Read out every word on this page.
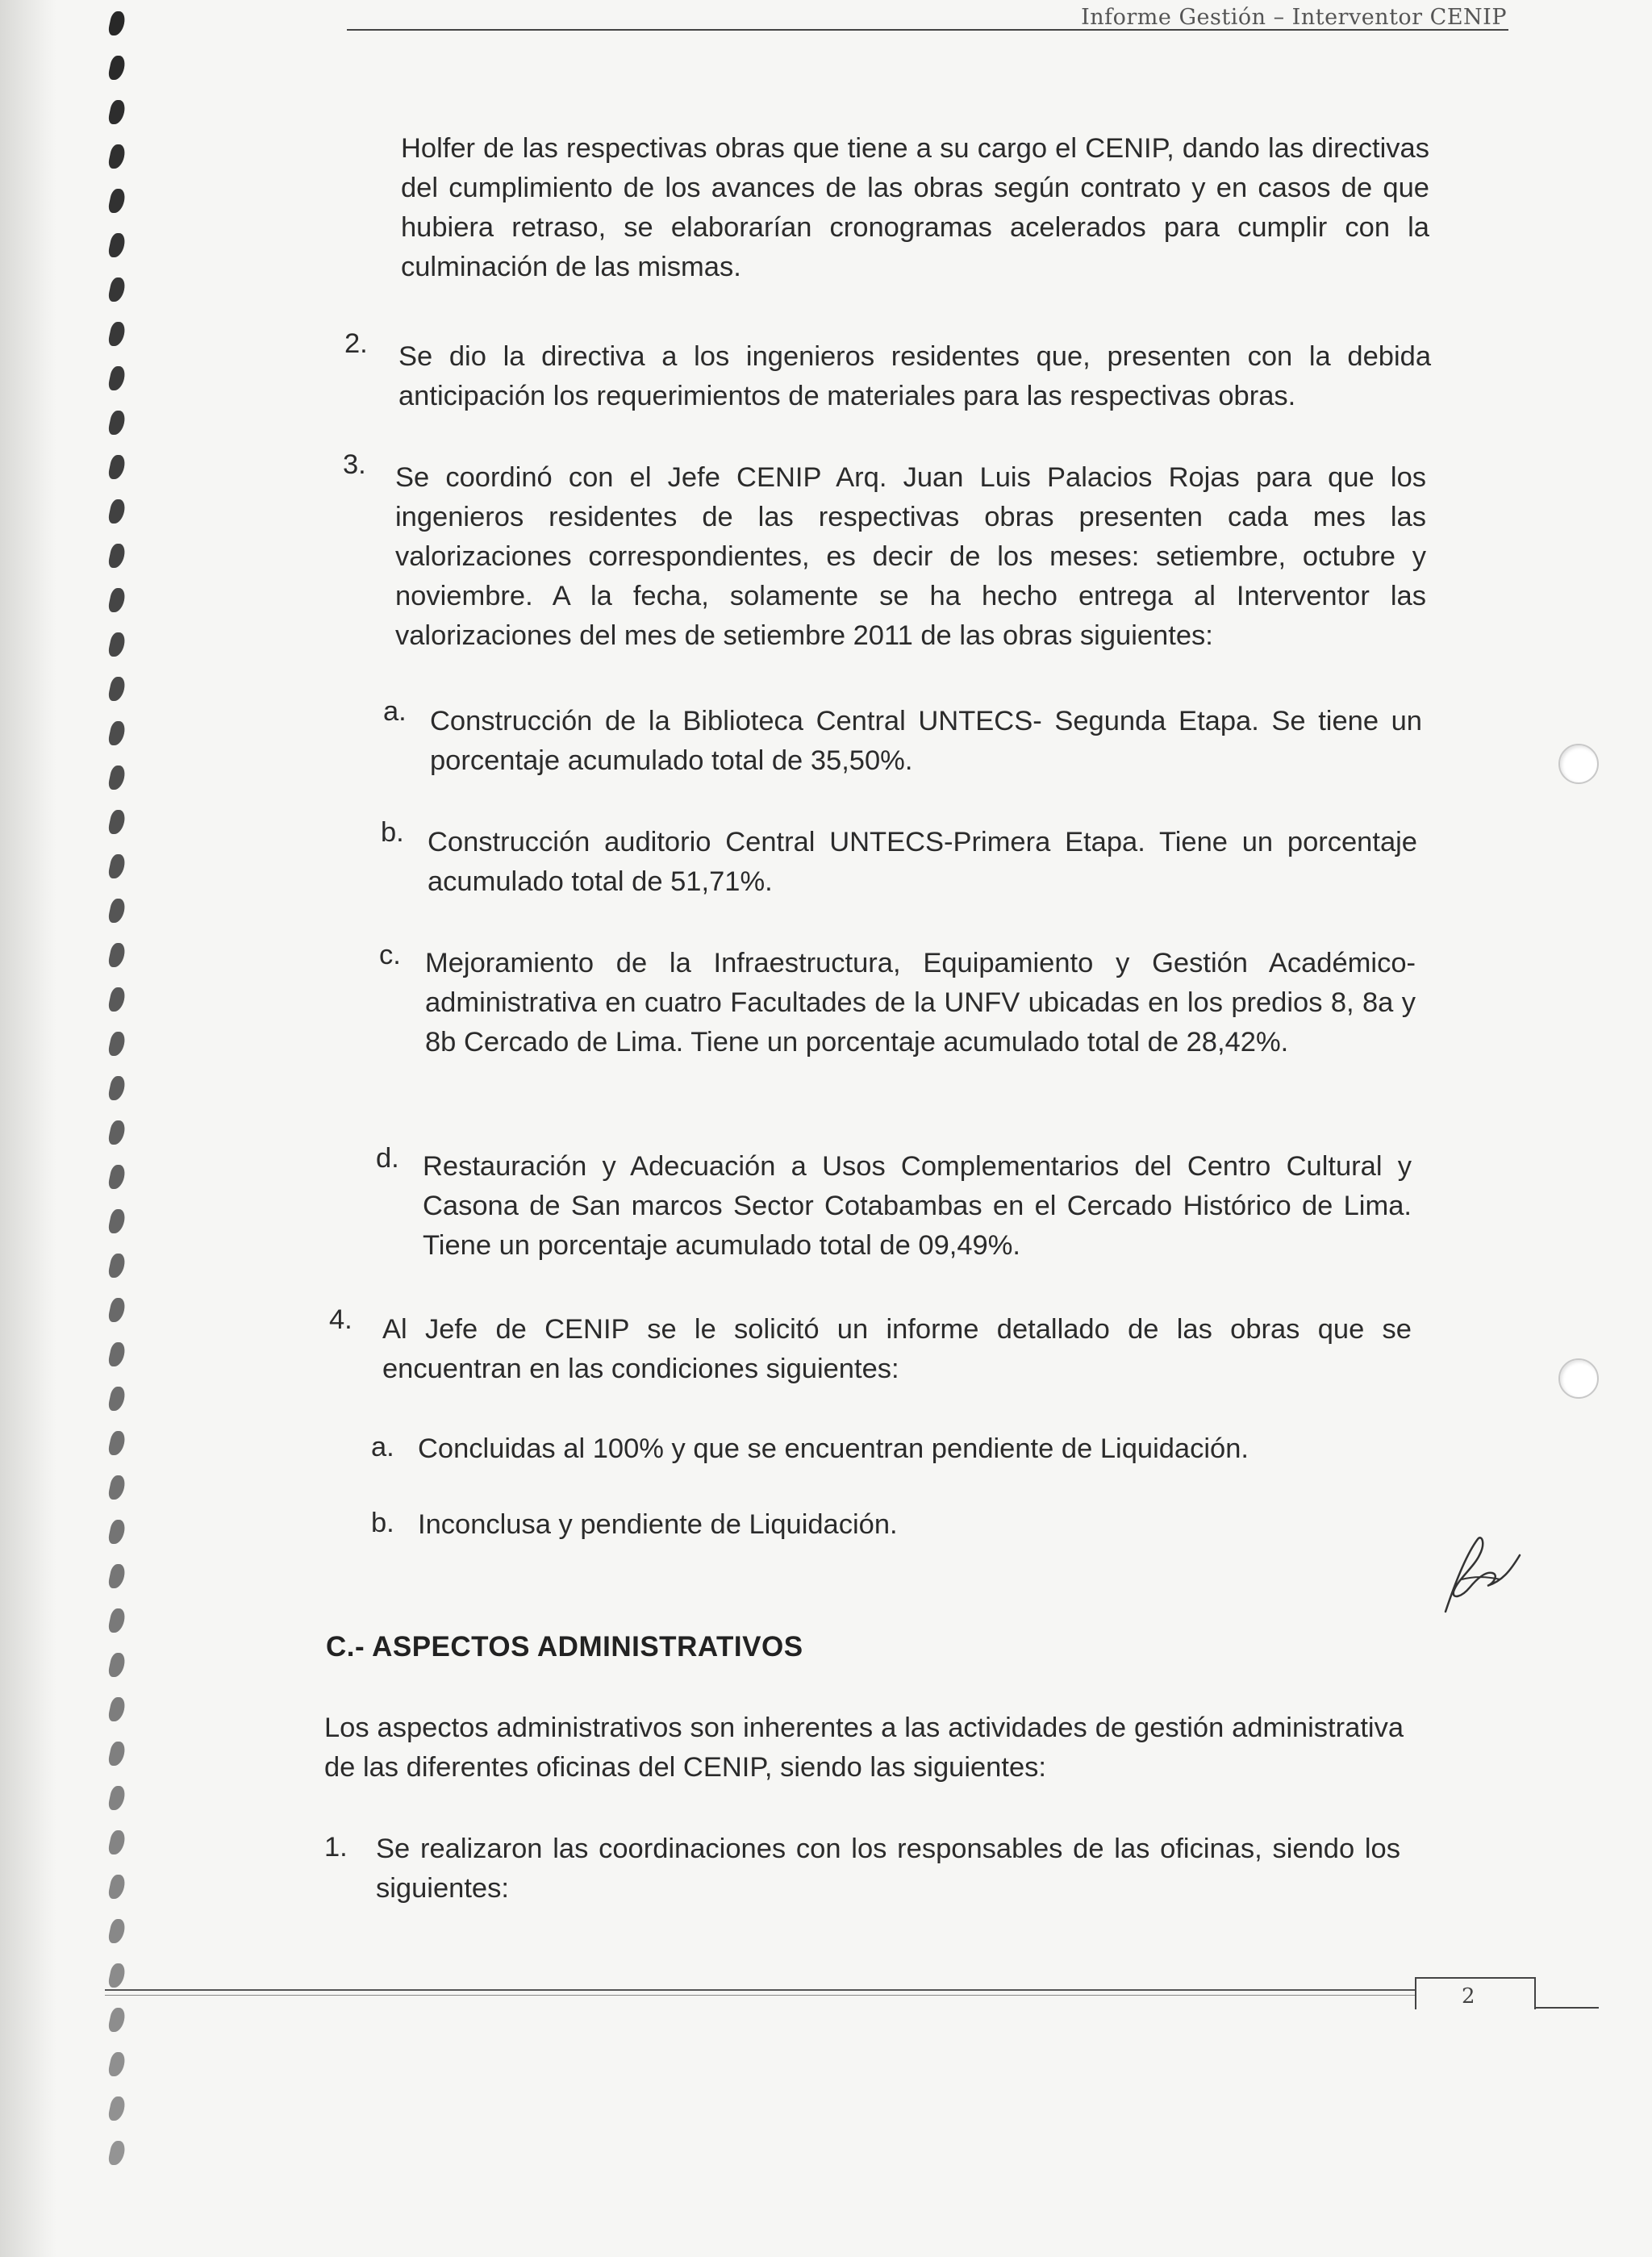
Informe Gestión – Interventor CENIP
Holfer de las respectivas obras que tiene a su cargo el CENIP, dando las directivas del cumplimiento de los avances de las obras según contrato y en casos de que hubiera retraso, se elaborarían cronogramas acelerados para cumplir con la culminación de las mismas.
2. Se dio la directiva a los ingenieros residentes que, presenten con la debida anticipación los requerimientos de materiales para las respectivas obras.
3. Se coordinó con el Jefe CENIP Arq. Juan Luis Palacios Rojas para que los ingenieros residentes de las respectivas obras presenten cada mes las valorizaciones correspondientes, es decir de los meses: setiembre, octubre y noviembre. A la fecha, solamente se ha hecho entrega al Interventor las valorizaciones del mes de setiembre 2011 de las obras siguientes:
a. Construcción de la Biblioteca Central UNTECS- Segunda Etapa. Se tiene un porcentaje acumulado total de 35,50%.
b. Construcción auditorio Central UNTECS-Primera Etapa. Tiene un porcentaje acumulado total de 51,71%.
c. Mejoramiento de la Infraestructura, Equipamiento y Gestión Académico-administrativa en cuatro Facultades de la UNFV ubicadas en los predios 8, 8a y 8b Cercado de Lima. Tiene un porcentaje acumulado total de 28,42%.
d. Restauración y Adecuación a Usos Complementarios del Centro Cultural y Casona de San marcos Sector Cotabambas en el Cercado Histórico de Lima. Tiene un porcentaje acumulado total de 09,49%.
4. Al Jefe de CENIP se le solicitó un informe detallado de las obras que se encuentran en las condiciones siguientes:
a. Concluidas al 100% y que se encuentran pendiente de Liquidación.
b. Inconclusa y pendiente de Liquidación.
C.- ASPECTOS ADMINISTRATIVOS
Los aspectos administrativos son inherentes a las actividades de gestión administrativa de las diferentes oficinas del CENIP, siendo las siguientes:
1. Se realizaron las coordinaciones con los responsables de las oficinas, siendo los siguientes:
2
